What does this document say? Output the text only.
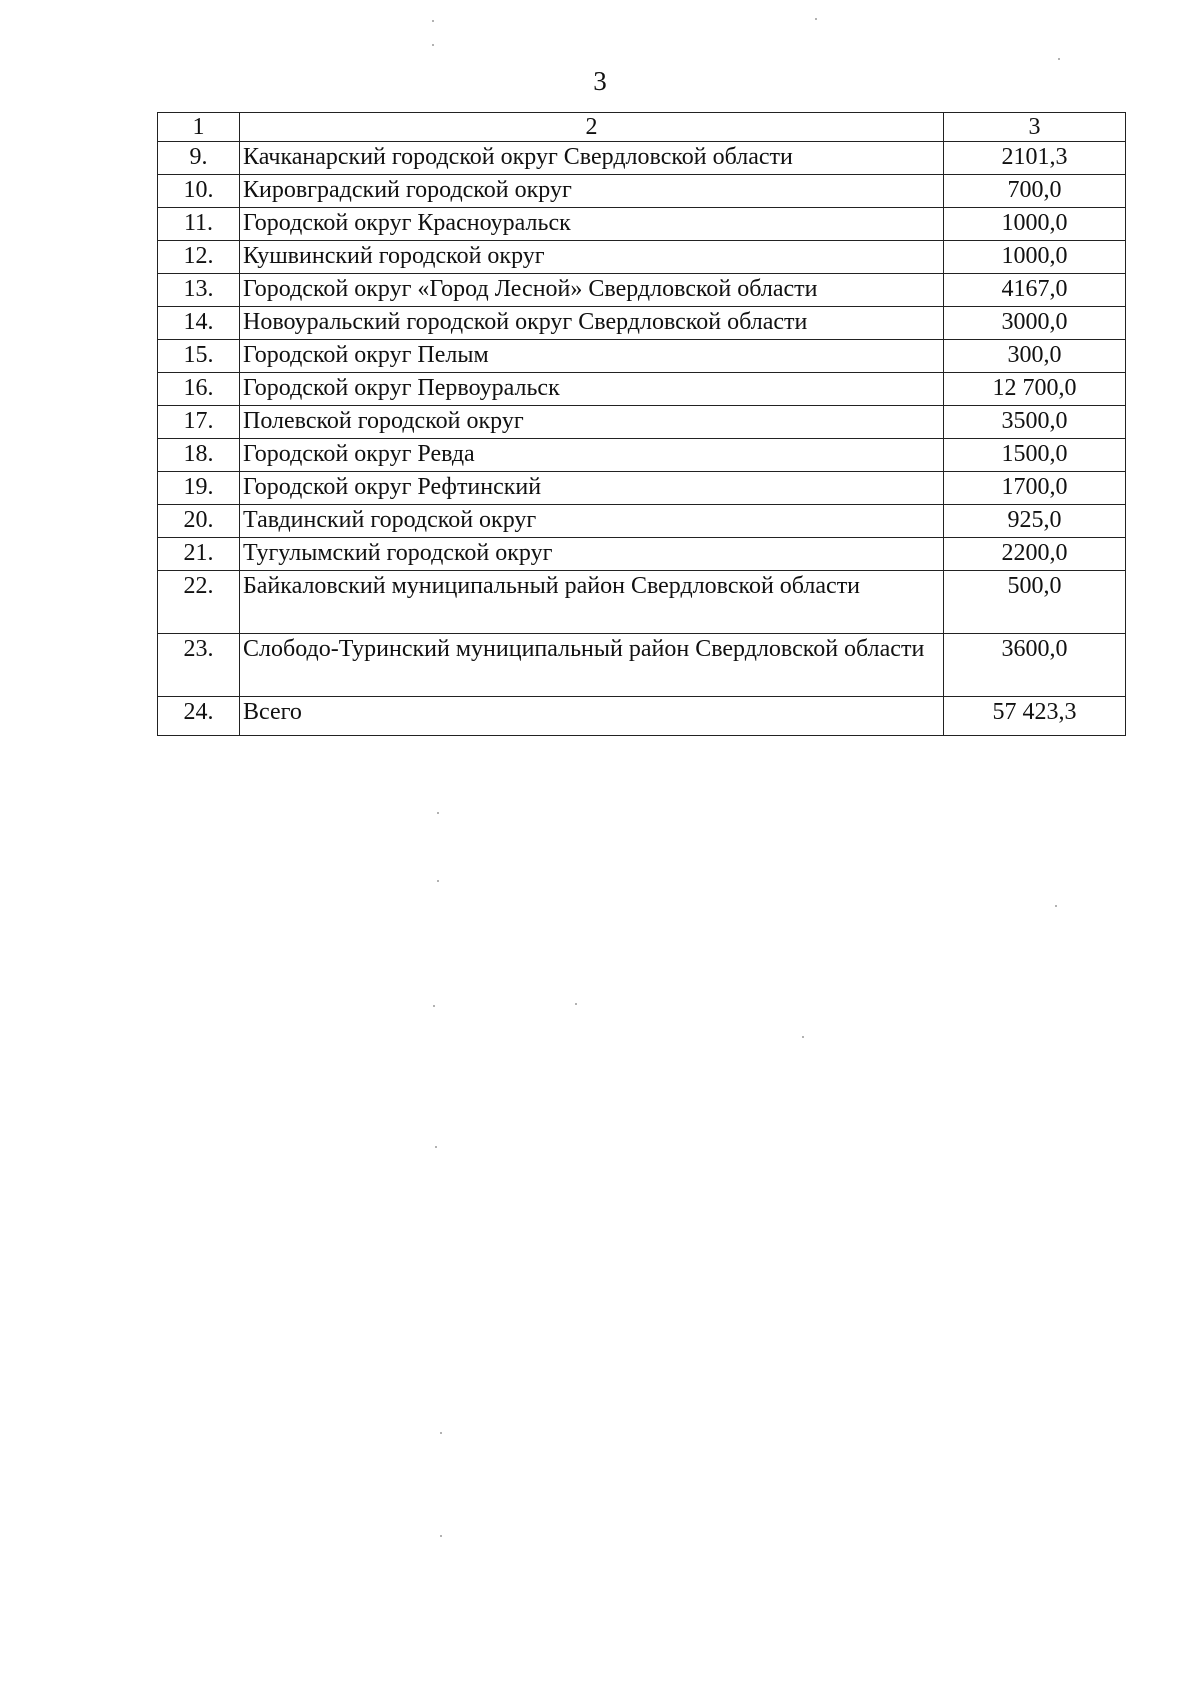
3
1	2	3
9.	Качканарский городской округ Свердловской области	2101,3
10.	Кировградский городской округ	700,0
11.	Городской округ Красноуральск	1000,0
12.	Кушвинский городской округ	1000,0
13.	Городской округ «Город Лесной» Свердловской области	4167,0
14.	Новоуральский городской округ Свердловской области	3000,0
15.	Городской округ Пелым	300,0
16.	Городской округ Первоуральск	12 700,0
17.	Полевской городской округ	3500,0
18.	Городской округ Ревда	1500,0
19.	Городской округ Рефтинский	1700,0
20.	Тавдинский городской округ	925,0
21.	Тугулымский городской округ	2200,0
22.	Байкаловский муниципальный район Свердловской области	500,0
23.	Слободо-Туринский муниципальный район Свердловской области	3600,0
24.	Всего	57 423,3
